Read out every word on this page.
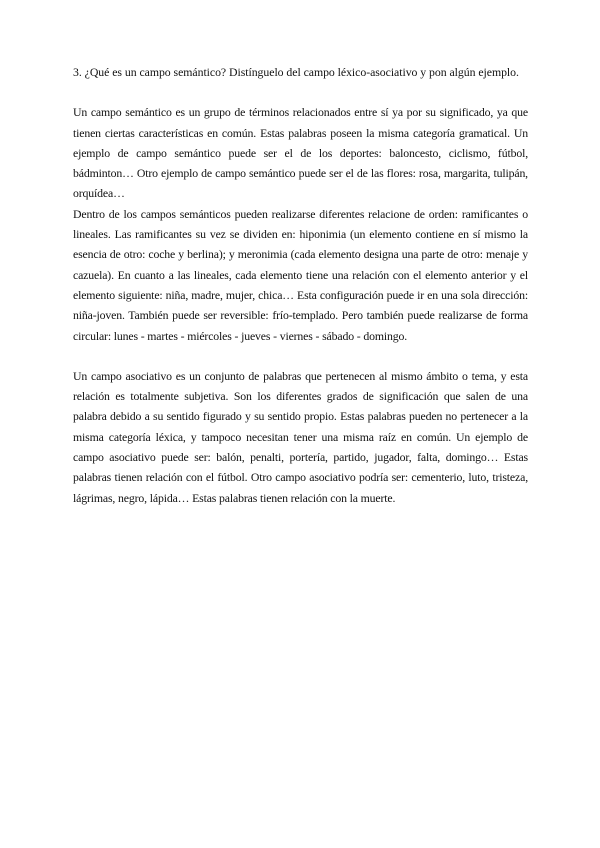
3. ¿Qué es un campo semántico? Distínguelo del campo léxico-asociativo y pon algún ejemplo.

Un campo semántico es un grupo de términos relacionados entre sí ya por su significado, ya que tienen ciertas características en común. Estas palabras poseen la misma categoría gramatical. Un ejemplo de campo semántico puede ser el de los deportes: baloncesto, ciclismo, fútbol, bádminton… Otro ejemplo de campo semántico puede ser el de las flores: rosa, margarita, tulipán, orquídea…

Dentro de los campos semánticos pueden realizarse diferentes relacione de orden: ramificantes o lineales. Las ramificantes su vez se dividen en: hiponimia (un elemento contiene en sí mismo la esencia de otro: coche y berlina); y meronimia (cada elemento designa una parte de otro: menaje y cazuela). En cuanto a las lineales, cada elemento tiene una relación con el elemento anterior y el elemento siguiente: niña, madre, mujer, chica… Esta configuración puede ir en una sola dirección: niña-joven. También puede ser reversible: frío-templado. Pero también puede realizarse de forma circular: lunes - martes - miércoles - jueves - viernes - sábado - domingo.

Un campo asociativo es un conjunto de palabras que pertenecen al mismo ámbito o tema, y esta relación es totalmente subjetiva. Son los diferentes grados de significación que salen de una palabra debido a su sentido figurado y su sentido propio. Estas palabras pueden no pertenecer a la misma categoría léxica, y tampoco necesitan tener una misma raíz en común. Un ejemplo de campo asociativo puede ser: balón, penalti, portería, partido, jugador, falta, domingo… Estas palabras tienen relación con el fútbol. Otro campo asociativo podría ser: cementerio, luto, tristeza, lágrimas, negro, lápida… Estas palabras tienen relación con la muerte.
